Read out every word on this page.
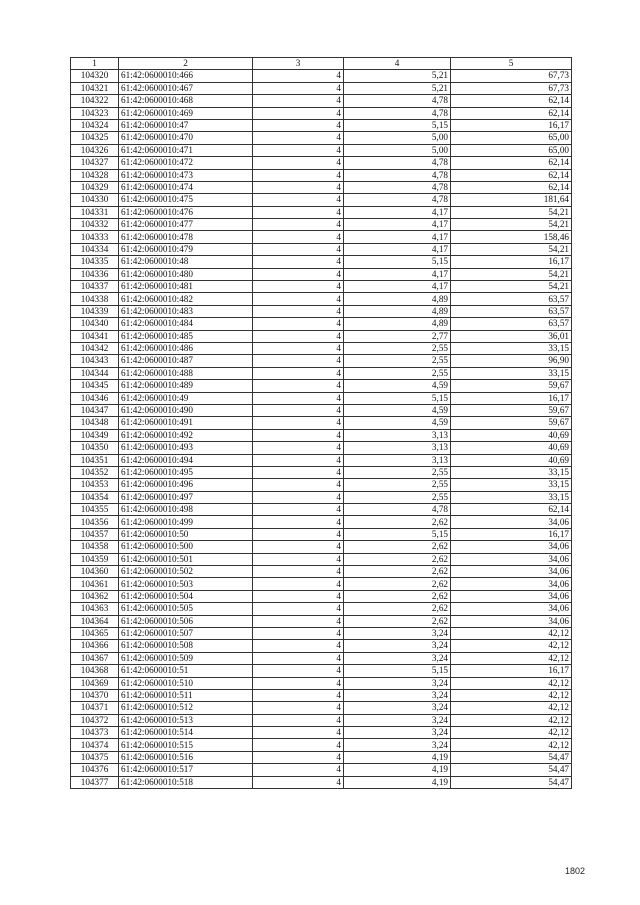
1	2	3	4	5
104320	61:42:0600010:466	4	5,21	67,73
104321	61:42:0600010:467	4	5,21	67,73
104322	61:42:0600010:468	4	4,78	62,14
104323	61:42:0600010:469	4	4,78	62,14
104324	61:42:0600010:47	4	5,15	16,17
104325	61:42:0600010:470	4	5,00	65,00
104326	61:42:0600010:471	4	5,00	65,00
104327	61:42:0600010:472	4	4,78	62,14
104328	61:42:0600010:473	4	4,78	62,14
104329	61:42:0600010:474	4	4,78	62,14
104330	61:42:0600010:475	4	4,78	181,64
104331	61:42:0600010:476	4	4,17	54,21
104332	61:42:0600010:477	4	4,17	54,21
104333	61:42:0600010:478	4	4,17	158,46
104334	61:42:0600010:479	4	4,17	54,21
104335	61:42:0600010:48	4	5,15	16,17
104336	61:42:0600010:480	4	4,17	54,21
104337	61:42:0600010:481	4	4,17	54,21
104338	61:42:0600010:482	4	4,89	63,57
104339	61:42:0600010:483	4	4,89	63,57
104340	61:42:0600010:484	4	4,89	63,57
104341	61:42:0600010:485	4	2,77	36,01
104342	61:42:0600010:486	4	2,55	33,15
104343	61:42:0600010:487	4	2,55	96,90
104344	61:42:0600010:488	4	2,55	33,15
104345	61:42:0600010:489	4	4,59	59,67
104346	61:42:0600010:49	4	5,15	16,17
104347	61:42:0600010:490	4	4,59	59,67
104348	61:42:0600010:491	4	4,59	59,67
104349	61:42:0600010:492	4	3,13	40,69
104350	61:42:0600010:493	4	3,13	40,69
104351	61:42:0600010:494	4	3,13	40,69
104352	61:42:0600010:495	4	2,55	33,15
104353	61:42:0600010:496	4	2,55	33,15
104354	61:42:0600010:497	4	2,55	33,15
104355	61:42:0600010:498	4	4,78	62,14
104356	61:42:0600010:499	4	2,62	34,06
104357	61:42:0600010:50	4	5,15	16,17
104358	61:42:0600010:500	4	2,62	34,06
104359	61:42:0600010:501	4	2,62	34,06
104360	61:42:0600010:502	4	2,62	34,06
104361	61:42:0600010:503	4	2,62	34,06
104362	61:42:0600010:504	4	2,62	34,06
104363	61:42:0600010:505	4	2,62	34,06
104364	61:42:0600010:506	4	2,62	34,06
104365	61:42:0600010:507	4	3,24	42,12
104366	61:42:0600010:508	4	3,24	42,12
104367	61:42:0600010:509	4	3,24	42,12
104368	61:42:0600010:51	4	5,15	16,17
104369	61:42:0600010:510	4	3,24	42,12
104370	61:42:0600010:511	4	3,24	42,12
104371	61:42:0600010:512	4	3,24	42,12
104372	61:42:0600010:513	4	3,24	42,12
104373	61:42:0600010:514	4	3,24	42,12
104374	61:42:0600010:515	4	3,24	42,12
104375	61:42:0600010:516	4	4,19	54,47
104376	61:42:0600010:517	4	4,19	54,47
104377	61:42:0600010:518	4	4,19	54,47
1802
